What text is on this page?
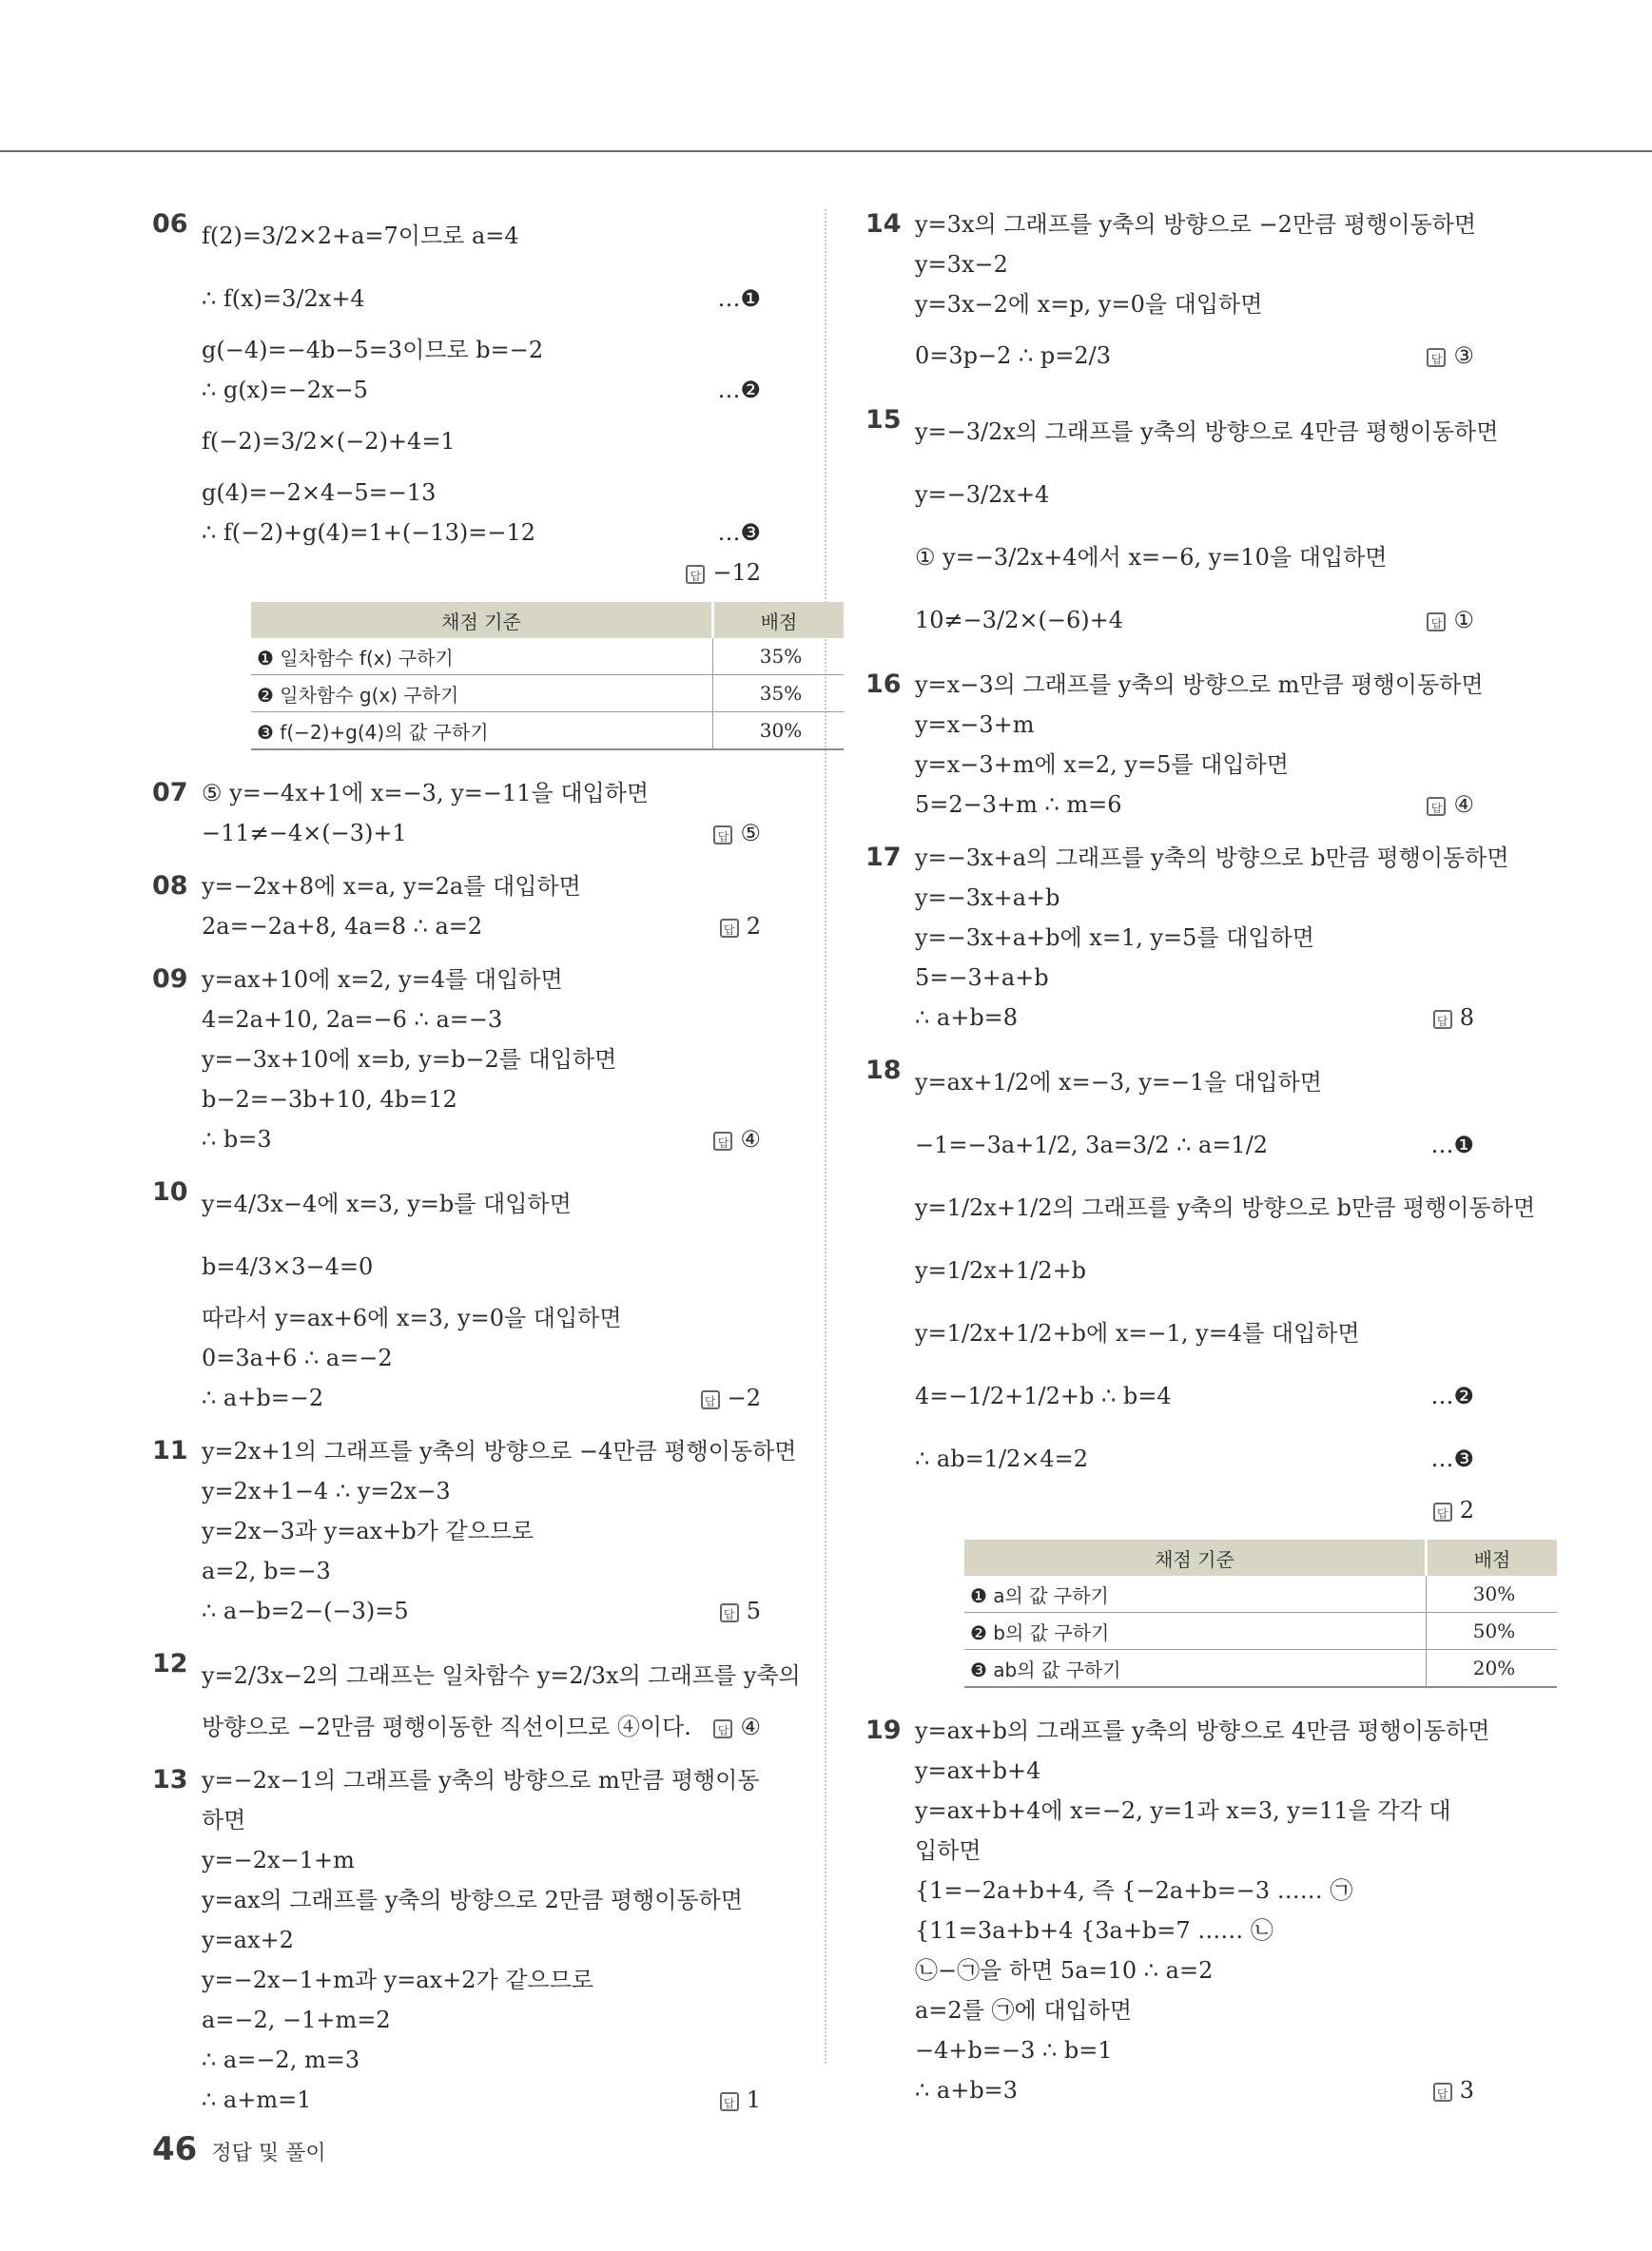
06 f(2)=3/2×2+a=7이므로 a=4
∴ f(x)=3/2x+4	…❶
g(−4)=−4b−5=3이므로 b=−2
∴ g(x)=−2x−5	…❷
f(−2)=3/2×(−2)+4=1
g(4)=−2×4−5=−13
∴ f(−2)+g(4)=1+(−13)=−12	…❸
답−12
채점 기준	배점
❶ 일차함수 f(x) 구하기	35%
❷ 일차함수 g(x) 구하기	35%
❸ f(−2)+g(4)의 값 구하기	30%
07 ⑤ y=−4x+1에 x=−3, y=−11을 대입하면
−11≠−4×(−3)+1 답	⑤
08 y=−2x+8에 x=a, y=2a를 대입하면
2a=−2a+8, 4a=8 ∴ a=2 답	2
09 y=ax+10에 x=2, y=4를 대입하면
4=2a+10, 2a=−6 ∴ a=−3
y=−3x+10에 x=b, y=b−2를 대입하면
b−2=−3b+10, 4b=12
∴ b=3 답	④
10 y=4/3x−4에 x=3, y=b를 대입하면
b=4/3×3−4=0
따라서 y=ax+6에 x=3, y=0을 대입하면
0=3a+6 ∴ a=−2
∴ a+b=−2 답	−2
11 y=2x+1의 그래프를 y축의 방향으로 −4만큼 평행이동하면
y=2x+1−4 ∴ y=2x−3
y=2x−3과 y=ax+b가 같으므로
a=2, b=−3
∴ a−b=2−(−3)=5 답	5
12 y=2/3x−2의 그래프는 일차함수 y=2/3x의 그래프를 y축의
방향으로 −2만큼 평행이동한 직선이므로 ④이다. 답	④
13 y=−2x−1의 그래프를 y축의 방향으로 m만큼 평행이동
하면
y=−2x−1+m
y=ax의 그래프를 y축의 방향으로 2만큼 평행이동하면
y=ax+2
y=−2x−1+m과 y=ax+2가 같으므로
a=−2, −1+m=2
∴ a=−2, m=3
∴ a+m=1 답	1
14 y=3x의 그래프를 y축의 방향으로 −2만큼 평행이동하면
y=3x−2
y=3x−2에 x=p, y=0을 대입하면
0=3p−2 ∴ p=2/3 답	③
15 y=−3/2x의 그래프를 y축의 방향으로 4만큼 평행이동하면
y=−3/2x+4
① y=−3/2x+4에서 x=−6, y=10을 대입하면
10≠−3/2×(−6)+4 답	①
16 y=x−3의 그래프를 y축의 방향으로 m만큼 평행이동하면
y=x−3+m
y=x−3+m에 x=2, y=5를 대입하면
5=2−3+m ∴ m=6 답	④
17 y=−3x+a의 그래프를 y축의 방향으로 b만큼 평행이동하면
y=−3x+a+b
y=−3x+a+b에 x=1, y=5를 대입하면
5=−3+a+b
∴ a+b=8 답	8
18 y=ax+1/2에 x=−3, y=−1을 대입하면
−1=−3a+1/2, 3a=3/2 ∴ a=1/2	…❶
y=1/2x+1/2의 그래프를 y축의 방향으로 b만큼 평행이동하면
y=1/2x+1/2+b
y=1/2x+1/2+b에 x=−1, y=4를 대입하면
4=−1/2+1/2+b ∴ b=4	…❷
∴ ab=1/2×4=2	…❸
답2
채점 기준	배점
❶ a의 값 구하기	30%
❷ b의 값 구하기	50%
❸ ab의 값 구하기	20%
19 y=ax+b의 그래프를 y축의 방향으로 4만큼 평행이동하면
y=ax+b+4
y=ax+b+4에 x=−2, y=1과 x=3, y=11을 각각 대
입하면
{1=−2a+b+4, 즉 {−2a+b=−3 …… ㉠
{11=3a+b+4 {3a+b=7 …… ㉡
㉡−㉠을 하면 5a=10 ∴ a=2
a=2를 ㉠에 대입하면
−4+b=−3 ∴ b=1
∴ a+b=3 답	3
46 정답 및 풀이
